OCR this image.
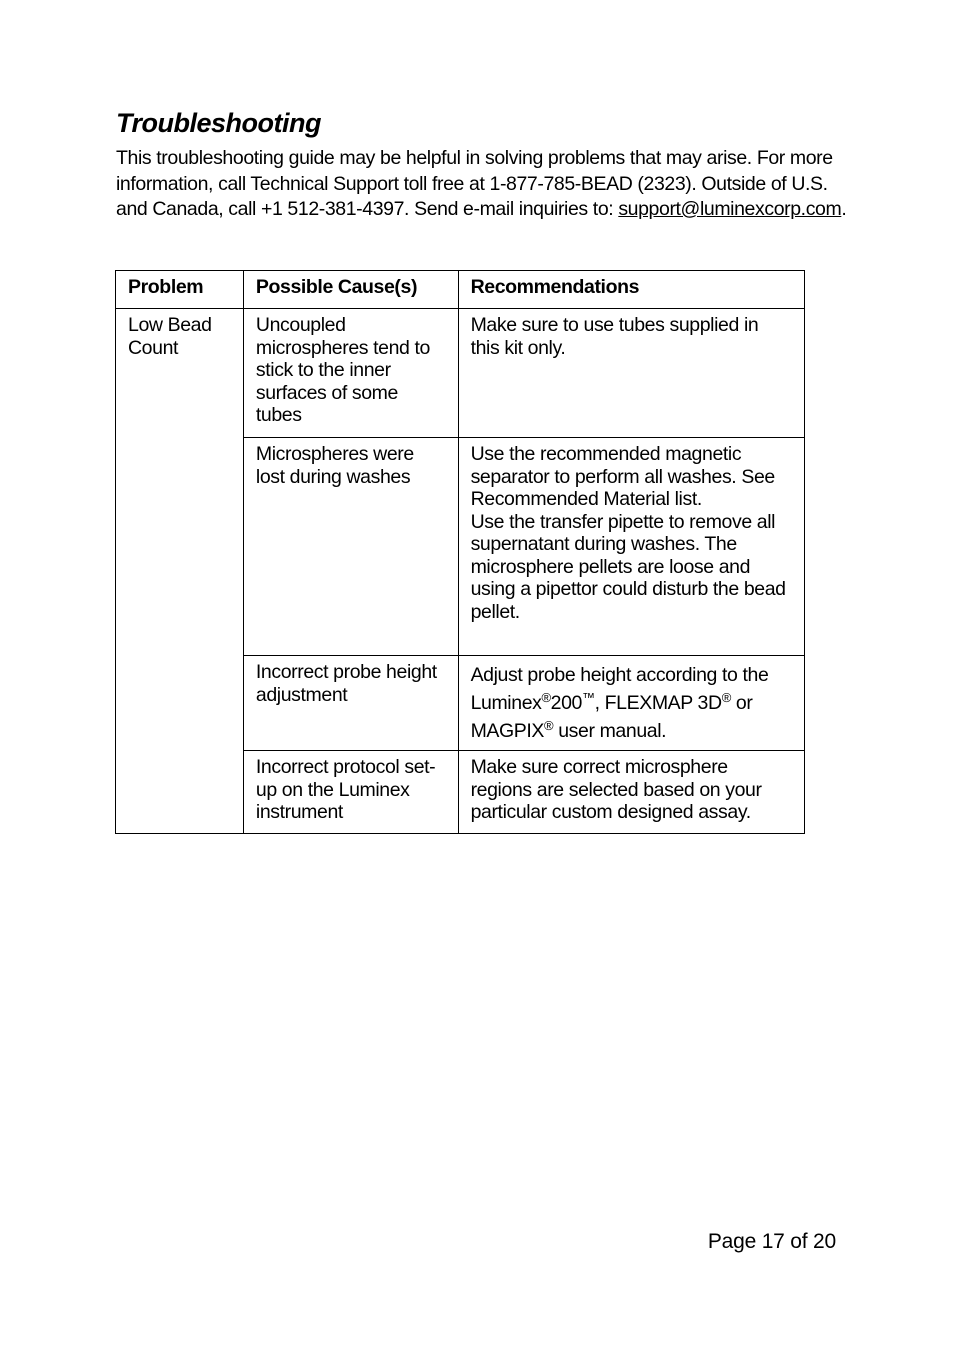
Troubleshooting

This troubleshooting guide may be helpful in solving problems that may arise. For more information, call Technical Support toll free at 1-877-785-BEAD (2323). Outside of U.S. and Canada, call +1 512-381-4397. Send e-mail inquiries to: support@luminexcorp.com.

Problem	Possible Cause(s)	Recommendations
Low Bead Count	Uncoupled microspheres tend to stick to the inner surfaces of some tubes	Make sure to use tubes supplied in this kit only.
	Microspheres were lost during washes	Use the recommended magnetic separator to perform all washes. See Recommended Material list.
Use the transfer pipette to remove all supernatant during washes. The microsphere pellets are loose and using a pipettor could disturb the bead pellet.

	Incorrect probe height adjustment	Adjust probe height according to the Luminex®200™, FLEXMAP 3D® or MAGPIX® user manual.
	Incorrect protocol set-up on the Luminex instrument	Make sure correct microsphere regions are selected based on your particular custom designed assay.
Page 17 of 20
